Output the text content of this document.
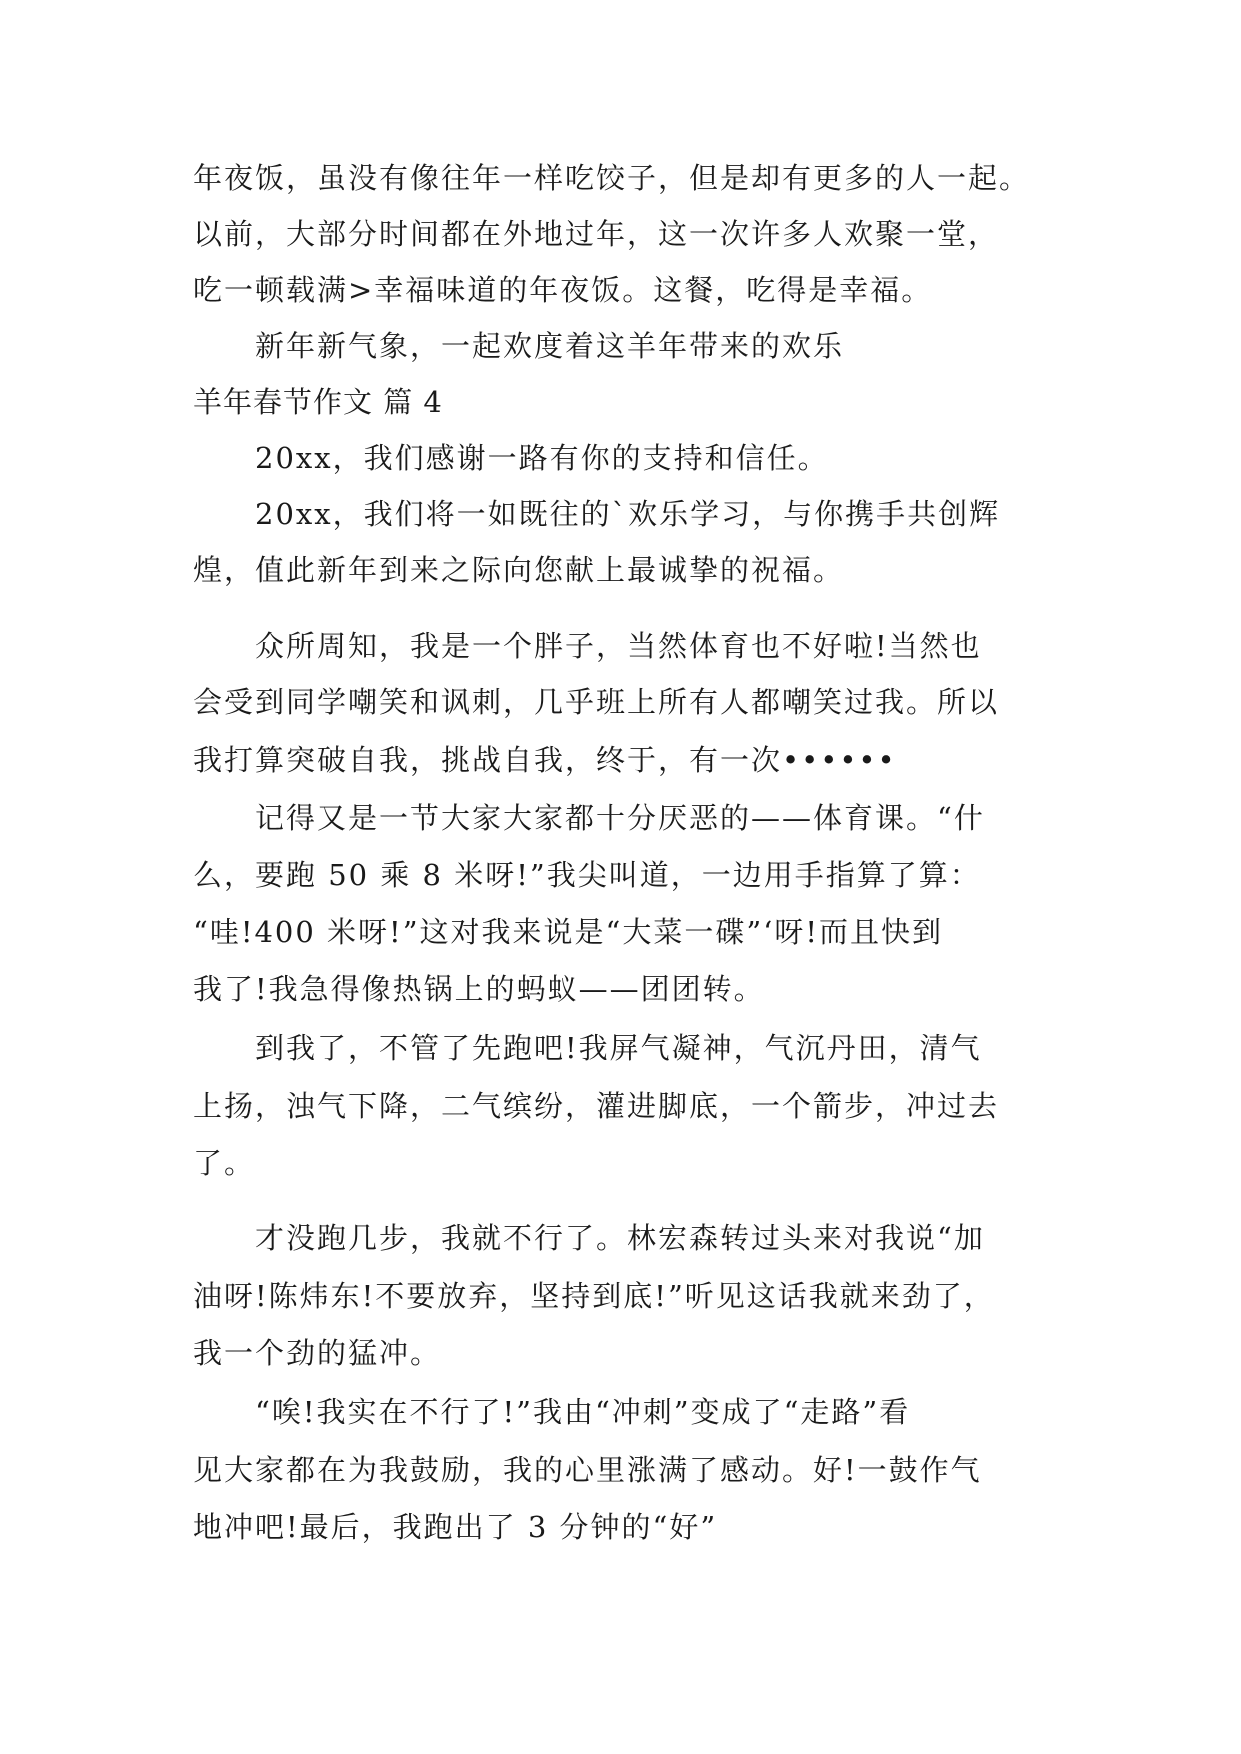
年夜饭，虽没有像往年一样吃饺子，但是却有更多的人一起。

以前，大部分时间都在外地过年，这一次许多人欢聚一堂，

吃一顿载满>幸福味道的年夜饭。这餐，吃得是幸福。

新年新气象，一起欢度着这羊年带来的欢乐

羊年春节作文 篇 4

20xx，我们感谢一路有你的支持和信任。

20xx，我们将一如既往的`欢乐学习，与你携手共创辉

煌，值此新年到来之际向您献上最诚挚的祝福。

众所周知，我是一个胖子，当然体育也不好啦!当然也

会受到同学嘲笑和讽刺，几乎班上所有人都嘲笑过我。所以

我打算突破自我，挑战自我，终于，有一次••••••

记得又是一节大家大家都十分厌恶的——体育课。“什

么，要跑 50 乘 8 米呀!”我尖叫道，一边用手指算了算：

“哇!400 米呀!”这对我来说是“大菜一碟”‘呀!而且快到

我了!我急得像热锅上的蚂蚁——团团转。

到我了，不管了先跑吧!我屏气凝神，气沉丹田，清气

上扬，浊气下降，二气缤纷，灌进脚底，一个箭步，冲过去

了。

才没跑几步，我就不行了。林宏森转过头来对我说“加

油呀!陈炜东!不要放弃，坚持到底!”听见这话我就来劲了，

我一个劲的猛冲。

“唉!我实在不行了!”我由“冲刺”变成了“走路”看

见大家都在为我鼓励，我的心里涨满了感动。好!一鼓作气

地冲吧!最后，我跑出了 3 分钟的“好”
